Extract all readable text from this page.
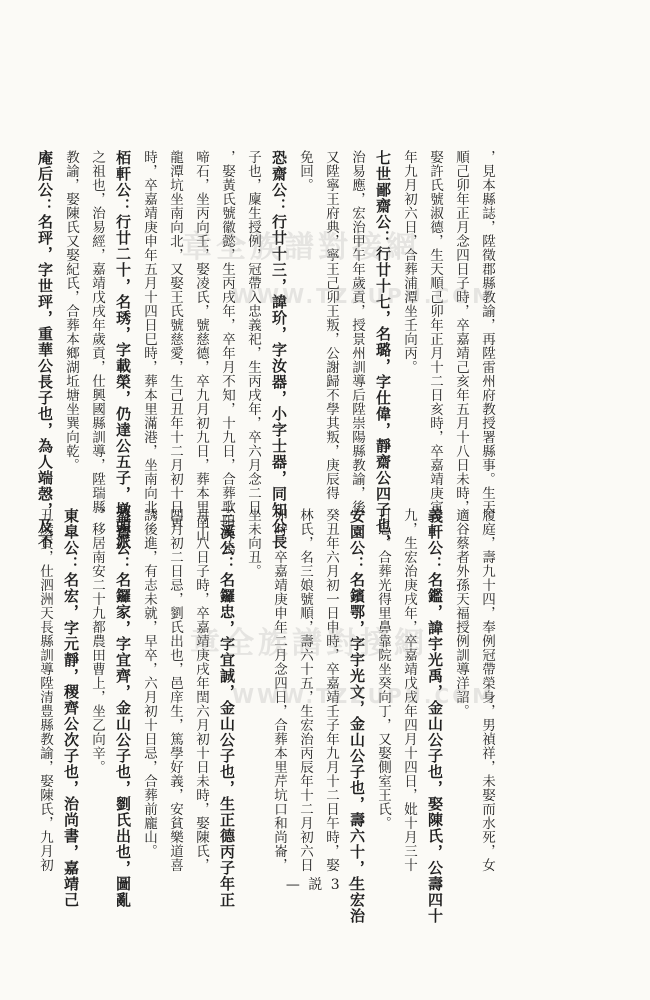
，見本縣誌，陞徵郡縣教諭，再陞雷州府教授署縣事。生天
順己卯年正月念四日子時，卒嘉靖己亥年五月十八日未時，
娶許氏號淑德，生天順己卯年正月十二日亥時，卒嘉靖庚寅
年九月初六日，合葬浦潭坐壬向丙。
七世鄙齋公：行廿十七，名璐，字仕偉，靜齋公四子也，
治易應，宏治甲午年歲貢，授景州訓導后陞崇陽縣教諭，後
又陞寧王府典，寧王己卯王叛，公謝歸不學其叛，庚辰得
免回。
恐齋公：行廿十三，諱玠，字汝器，小字士器，同知公長
子也，廩生授例，冠帶入忠義祀，生丙戌年，卒六月念二日
，娶黃氏號徽懿，生丙戌年，卒年月不知，十九日，合葬歌阻坪馬
啼石，坐丙向壬，娶凌氏，號慈德，卒九月初九日，葬本里南山
龍潭坑坐南向北，又娶王氏號慈愛，生己丑年十二月初十日寅
時，卒嘉靖庚申年五月十四日巳時，葬本里滿港，坐南向北。
栢軒公：行廿二十，名琇，字載榮，仍達公五子，墩頭派
之祖也，治易經，嘉靖戊戌年歲貢，仕興國縣訓導，陞瑞縣
教諭，娶陳氏又娶紀氏，合葬本鄉湖坵塘坐巽向乾。
庵后公：名玶，字世玶，重華公長子也，為人端愨，及不
履庭，壽九十四，奉例冠帶榮身，男禎祥，未娶而水死，女
適谷蔡者外孫天福授例訓導洋詔。
義軒公：名鑑，諱宇光禹，金山公子也，娶陳氏，公壽四十
九，生宏治庚戌年，卒嘉靖戊戌年四月十四日，妣十月三十
日忌，合葬光得里鼻靠院坐癸向丁，又娶側室王氏。
安園公：名鑌鄂，字宇光文，金山公子也，壽六十，生宏治
癸丑年六月初一日申時，卒嘉靖壬子年九月十二日午時，娶
林氏，名三娘號順，壽六十五，生宏治丙辰年十二月初六日
卯時，卒嘉靖庚申年二月念四日，合葬本里芹坑口和尚崙，
坐未向丑。
三溪公：名鑼忠，字宜誠，金山公子也，生正德丙子年正
月十八日子時，卒嘉靖庚戌年閏六月初十日未時，娶陳氏，
四月初二日忌，劉氏出也，邑庠生，篤學好義，安貧樂道喜
誘後進，有志未就，早卒，六月初十日忌，合葬前龐山。
益齋公：名鑼家，字宜齊，金山公子也，劉氏出也，圖亂
，移居南安二十九都農田曹上，坐乙向辛。
東皐公：名宏，字元靜，稷齊公次子也，治尚書，嘉靖己
丑歲貢，仕泗洲天長縣訓導陞清豊縣教諭，娶陳氏，九月初
章全族譜對接網
WWW.TZZUPU.COM
章全族譜對接網
WWW.TZZUPU.COM
— 説 3 —
